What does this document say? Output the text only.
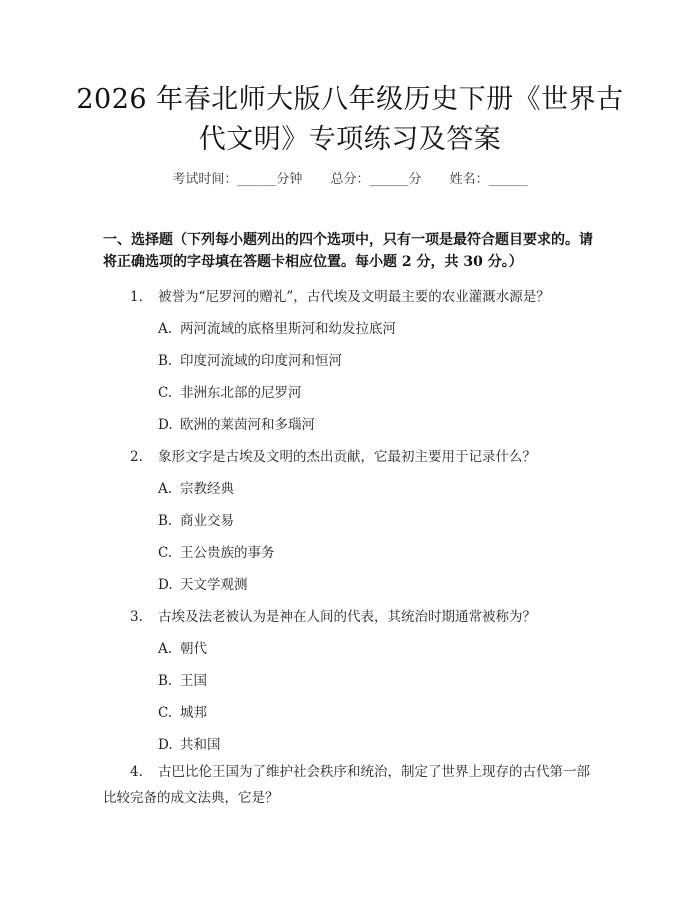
2026 年春北师大版八年级历史下册《世界古
代文明》专项练习及答案
考试时间：______分钟 总分：______分 姓名：______
一、选择题（下列每小题列出的四个选项中，只有一项是最符合题目要求的。请将正确选项的字母填在答题卡相应位置。每小题 2 分，共 30 分。）
1. 被誉为“尼罗河的赠礼”，古代埃及文明最主要的农业灌溉水源是？
A. 两河流域的底格里斯河和幼发拉底河
B. 印度河流域的印度河和恒河
C. 非洲东北部的尼罗河
D. 欧洲的莱茵河和多瑙河
2. 象形文字是古埃及文明的杰出贡献，它最初主要用于记录什么？
A. 宗教经典
B. 商业交易
C. 王公贵族的事务
D. 天文学观测
3. 古埃及法老被认为是神在人间的代表，其统治时期通常被称为？
A. 朝代
B. 王国
C. 城邦
D. 共和国
4. 古巴比伦王国为了维护社会秩序和统治，制定了世界上现存的古代第一部比较完备的成文法典，它是？
